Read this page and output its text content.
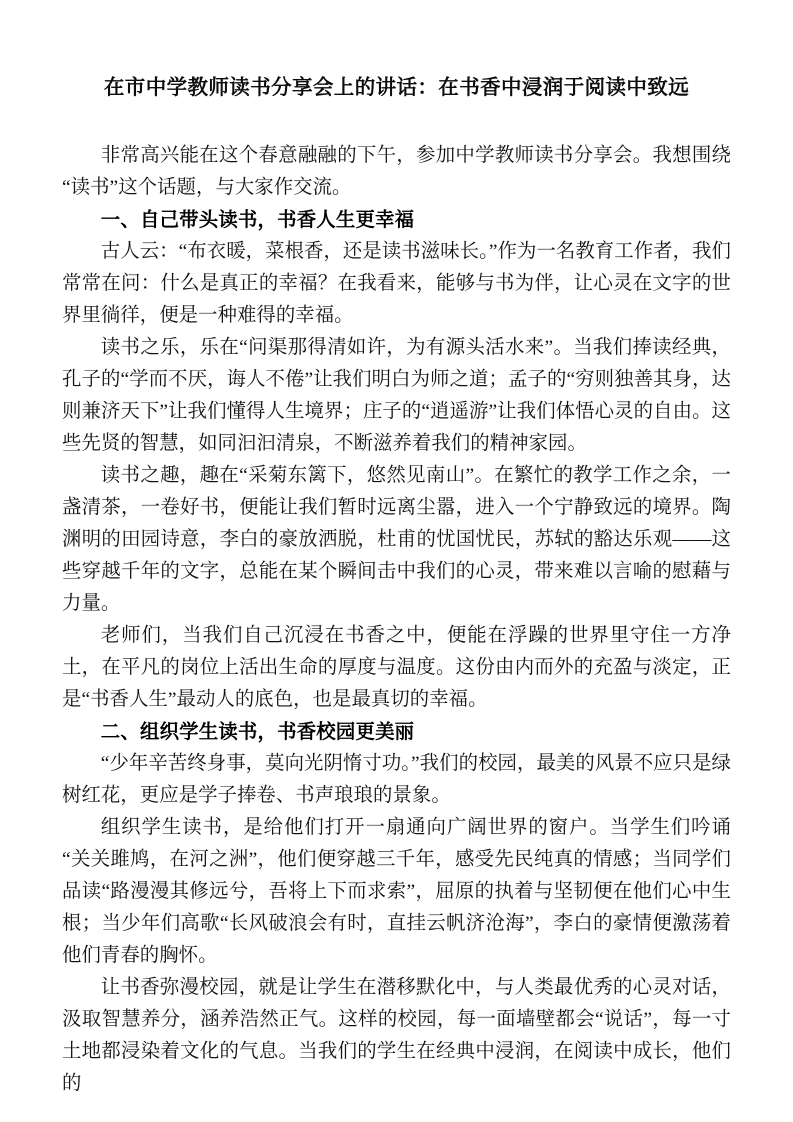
在市中学教师读书分享会上的讲话：在书香中浸润于阅读中致远

非常高兴能在这个春意融融的下午，参加中学教师读书分享会。我想围绕“读书”这个话题，与大家作交流。

一、自己带头读书，书香人生更幸福

古人云：“布衣暖，菜根香，还是读书滋味长。”作为一名教育工作者，我们常常在问：什么是真正的幸福？在我看来，能够与书为伴，让心灵在文字的世界里徜徉，便是一种难得的幸福。

读书之乐，乐在“问渠那得清如许，为有源头活水来”。当我们捧读经典，孔子的“学而不厌，诲人不倦”让我们明白为师之道；孟子的“穷则独善其身，达则兼济天下”让我们懂得人生境界；庄子的“逍遥游”让我们体悟心灵的自由。这些先贤的智慧，如同汩汩清泉，不断滋养着我们的精神家园。

读书之趣，趣在“采菊东篱下，悠然见南山”。在繁忙的教学工作之余，一盏清茶，一卷好书，便能让我们暂时远离尘嚣，进入一个宁静致远的境界。陶渊明的田园诗意，李白的豪放洒脱，杜甫的忧国忧民，苏轼的豁达乐观——这些穿越千年的文字，总能在某个瞬间击中我们的心灵，带来难以言喻的慰藉与力量。

老师们，当我们自己沉浸在书香之中，便能在浮躁的世界里守住一方净土，在平凡的岗位上活出生命的厚度与温度。这份由内而外的充盈与淡定，正是“书香人生”最动人的底色，也是最真切的幸福。

二、组织学生读书，书香校园更美丽

“少年辛苦终身事，莫向光阴惰寸功。”我们的校园，最美的风景不应只是绿树红花，更应是学子捧卷、书声琅琅的景象。

组织学生读书，是给他们打开一扇通向广阔世界的窗户。当学生们吟诵“关关雎鸠，在河之洲”，他们便穿越三千年，感受先民纯真的情感；当同学们品读“路漫漫其修远兮，吾将上下而求索”，屈原的执着与坚韧便在他们心中生根；当少年们高歌“长风破浪会有时，直挂云帆济沧海”，李白的豪情便激荡着他们青春的胸怀。

让书香弥漫校园，就是让学生在潜移默化中，与人类最优秀的心灵对话，汲取智慧养分，涵养浩然正气。这样的校园，每一面墙壁都会“说话”，每一寸土地都浸染着文化的气息。当我们的学生在经典中浸润，在阅读中成长，他们的
